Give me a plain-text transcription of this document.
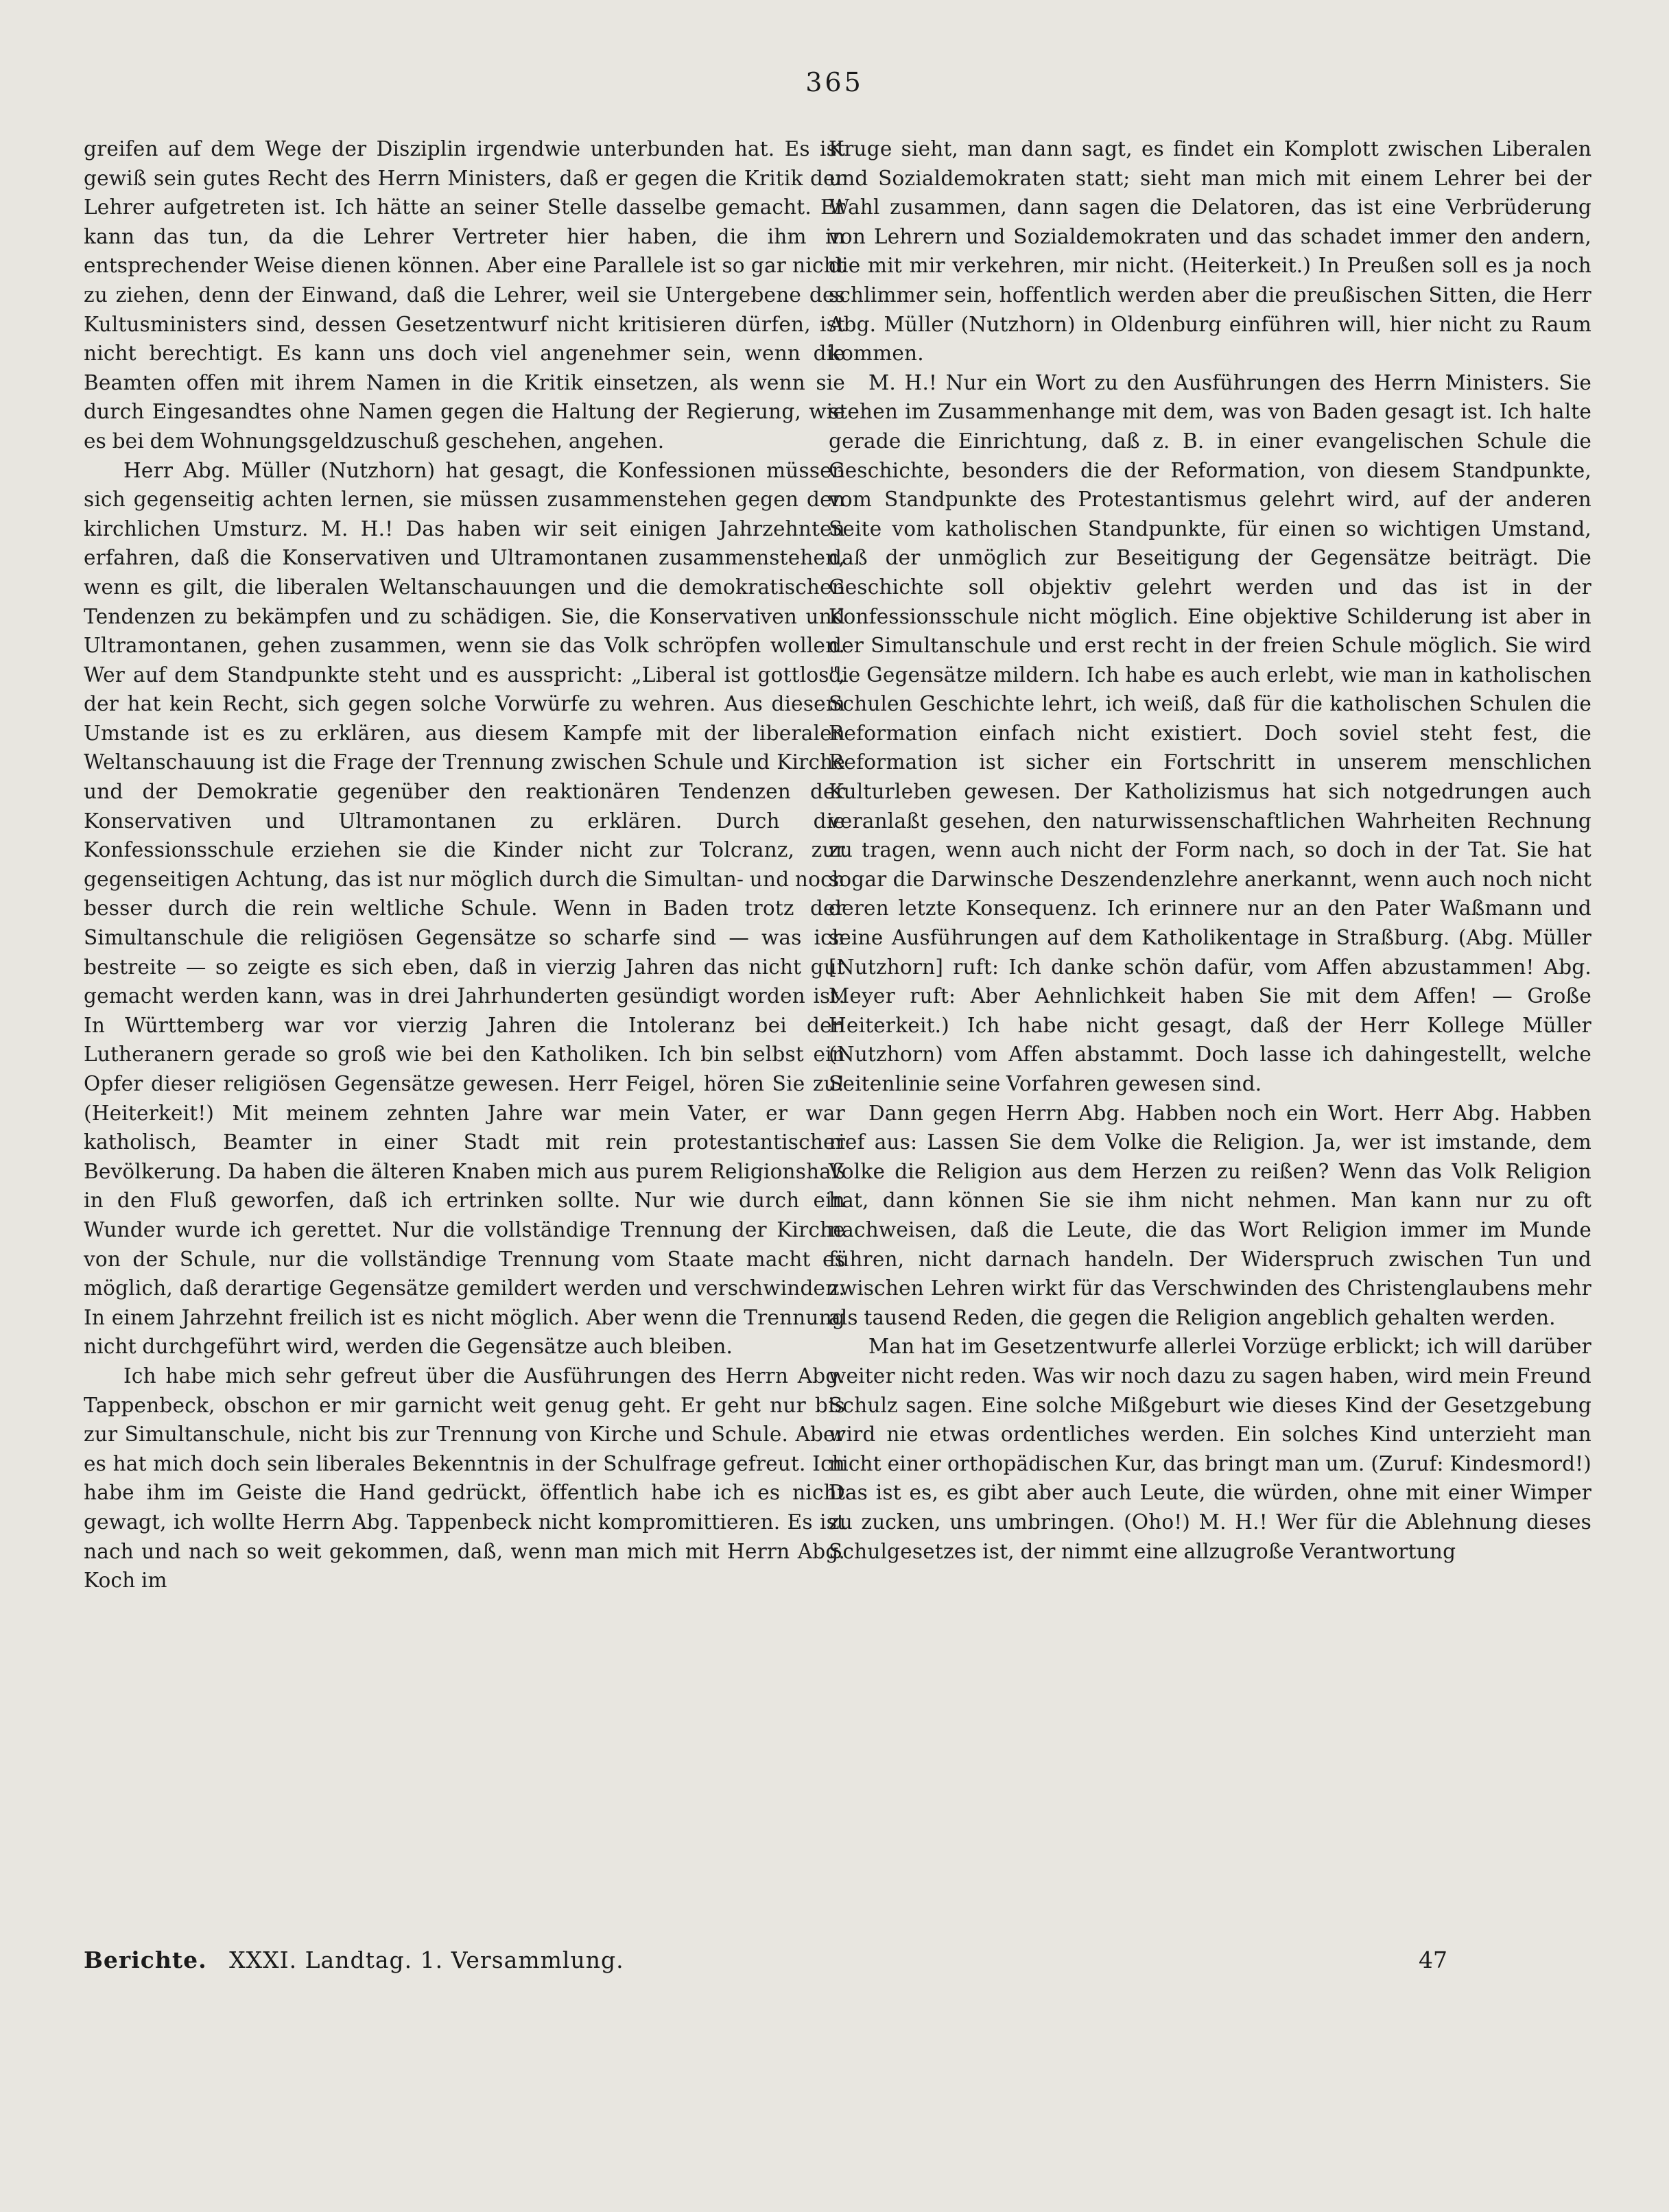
365

greifen auf dem Wege der Disziplin irgendwie unterbunden hat. Es ist gewiß sein gutes Recht des Herrn Ministers, daß er gegen die Kritik der Lehrer aufgetreten ist. Ich hätte an seiner Stelle dasselbe gemacht. Er kann das tun, da die Lehrer Vertreter hier haben, die ihm in entsprechender Weise dienen können. Aber eine Parallele ist so gar nicht zu ziehen, denn der Einwand, daß die Lehrer, weil sie Untergebene des Kultusministers sind, dessen Gesetzentwurf nicht kritisieren dürfen, ist nicht berechtigt. Es kann uns doch viel angenehmer sein, wenn die Beamten offen mit ihrem Namen in die Kritik einsetzen, als wenn sie durch Eingesandtes ohne Namen gegen die Haltung der Regierung, wie es bei dem Wohnungsgeldzuschuß geschehen, angehen.

Herr Abg. Müller (Nutzhorn) hat gesagt, die Konfessionen müssen sich gegenseitig achten lernen, sie müssen zusammenstehen gegen den kirchlichen Umsturz. M. H.! Das haben wir seit einigen Jahrzehnten erfahren, daß die Konservativen und Ultramontanen zusammenstehen, wenn es gilt, die liberalen Weltanschauungen und die demokratischen Tendenzen zu bekämpfen und zu schädigen. Sie, die Konservativen und Ultramontanen, gehen zusammen, wenn sie das Volk schröpfen wollen. Wer auf dem Standpunkte steht und es ausspricht: „Liberal ist gottlos", der hat kein Recht, sich gegen solche Vorwürfe zu wehren. Aus diesem Umstande ist es zu erklären, aus diesem Kampfe mit der liberalen Weltanschauung ist die Frage der Trennung zwischen Schule und Kirche und der Demokratie gegenüber den reaktionären Tendenzen der Konservativen und Ultramontanen zu erklären. Durch die Konfessionsschule erziehen sie die Kinder nicht zur Tolcranz, zur gegenseitigen Achtung, das ist nur möglich durch die Simultan- und noch besser durch die rein weltliche Schule. Wenn in Baden trotz der Simultanschule die religiösen Gegensätze so scharfe sind — was ich bestreite — so zeigte es sich eben, daß in vierzig Jahren das nicht gut gemacht werden kann, was in drei Jahrhunderten gesündigt worden ist. In Württemberg war vor vierzig Jahren die Intoleranz bei den Lutheranern gerade so groß wie bei den Katholiken. Ich bin selbst ein Opfer dieser religiösen Gegensätze gewesen. Herr Feigel, hören Sie zu! (Heiterkeit!) Mit meinem zehnten Jahre war mein Vater, er war katholisch, Beamter in einer Stadt mit rein protestantischer Bevölkerung. Da haben die älteren Knaben mich aus purem Religionshaß in den Fluß geworfen, daß ich ertrinken sollte. Nur wie durch ein Wunder wurde ich gerettet. Nur die vollständige Trennung der Kirche von der Schule, nur die vollständige Trennung vom Staate macht es möglich, daß derartige Gegensätze gemildert werden und verschwinden. In einem Jahrzehnt freilich ist es nicht möglich. Aber wenn die Trennung nicht durchgeführt wird, werden die Gegensätze auch bleiben.

Ich habe mich sehr gefreut über die Ausführungen des Herrn Abg. Tappenbeck, obschon er mir garnicht weit genug geht. Er geht nur bis zur Simultanschule, nicht bis zur Trennung von Kirche und Schule. Aber es hat mich doch sein liberales Bekenntnis in der Schulfrage gefreut. Ich habe ihm im Geiste die Hand gedrückt, öffentlich habe ich es nicht gewagt, ich wollte Herrn Abg. Tappenbeck nicht kompromittieren. Es ist nach und nach so weit gekommen, daß, wenn man mich mit Herrn Abg. Koch im

Kruge sieht, man dann sagt, es findet ein Komplott zwischen Liberalen und Sozialdemokraten statt; sieht man mich mit einem Lehrer bei der Wahl zusammen, dann sagen die Delatoren, das ist eine Verbrüderung von Lehrern und Sozialdemokraten und das schadet immer den andern, die mit mir verkehren, mir nicht. (Heiterkeit.) In Preußen soll es ja noch schlimmer sein, hoffentlich werden aber die preußischen Sitten, die Herr Abg. Müller (Nutzhorn) in Oldenburg einführen will, hier nicht zu Raum kommen.

M. H.! Nur ein Wort zu den Ausführungen des Herrn Ministers. Sie stehen im Zusammenhange mit dem, was von Baden gesagt ist. Ich halte gerade die Einrichtung, daß z. B. in einer evangelischen Schule die Geschichte, besonders die der Reformation, von diesem Standpunkte, vom Standpunkte des Protestantismus gelehrt wird, auf der anderen Seite vom katholischen Standpunkte, für einen so wichtigen Umstand, daß der unmöglich zur Beseitigung der Gegensätze beiträgt. Die Geschichte soll objektiv gelehrt werden und das ist in der Konfessionsschule nicht möglich. Eine objektive Schilderung ist aber in der Simultanschule und erst recht in der freien Schule möglich. Sie wird die Gegensätze mildern. Ich habe es auch erlebt, wie man in katholischen Schulen Geschichte lehrt, ich weiß, daß für die katholischen Schulen die Reformation einfach nicht existiert. Doch soviel steht fest, die Reformation ist sicher ein Fortschritt in unserem menschlichen Kulturleben gewesen. Der Katholizismus hat sich notgedrungen auch veranlaßt gesehen, den naturwissenschaftlichen Wahrheiten Rechnung zu tragen, wenn auch nicht der Form nach, so doch in der Tat. Sie hat sogar die Darwinsche Deszendenzlehre anerkannt, wenn auch noch nicht deren letzte Konsequenz. Ich erinnere nur an den Pater Waßmann und seine Ausführungen auf dem Katholikentage in Straßburg. (Abg. Müller [Nutzhorn] ruft: Ich danke schön dafür, vom Affen abzustammen! Abg. Meyer ruft: Aber Aehnlichkeit haben Sie mit dem Affen! — Große Heiterkeit.) Ich habe nicht gesagt, daß der Herr Kollege Müller (Nutzhorn) vom Affen abstammt. Doch lasse ich dahingestellt, welche Seitenlinie seine Vorfahren gewesen sind.

Dann gegen Herrn Abg. Habben noch ein Wort. Herr Abg. Habben rief aus: Lassen Sie dem Volke die Religion. Ja, wer ist imstande, dem Volke die Religion aus dem Herzen zu reißen? Wenn das Volk Religion hat, dann können Sie sie ihm nicht nehmen. Man kann nur zu oft nachweisen, daß die Leute, die das Wort Religion immer im Munde führen, nicht darnach handeln. Der Widerspruch zwischen Tun und zwischen Lehren wirkt für das Verschwinden des Christenglaubens mehr als tausend Reden, die gegen die Religion angeblich gehalten werden.

Man hat im Gesetzentwurfe allerlei Vorzüge erblickt; ich will darüber weiter nicht reden. Was wir noch dazu zu sagen haben, wird mein Freund Schulz sagen. Eine solche Mißgeburt wie dieses Kind der Gesetzgebung wird nie etwas ordentliches werden. Ein solches Kind unterzieht man nicht einer orthopädischen Kur, das bringt man um. (Zuruf: Kindesmord!) Das ist es, es gibt aber auch Leute, die würden, ohne mit einer Wimper zu zucken, uns umbringen. (Oho!) M. H.! Wer für die Ablehnung dieses Schulgesetzes ist, der nimmt eine allzugroße Verantwortung

Berichte. XXXI. Landtag. 1. Versammlung.	47
